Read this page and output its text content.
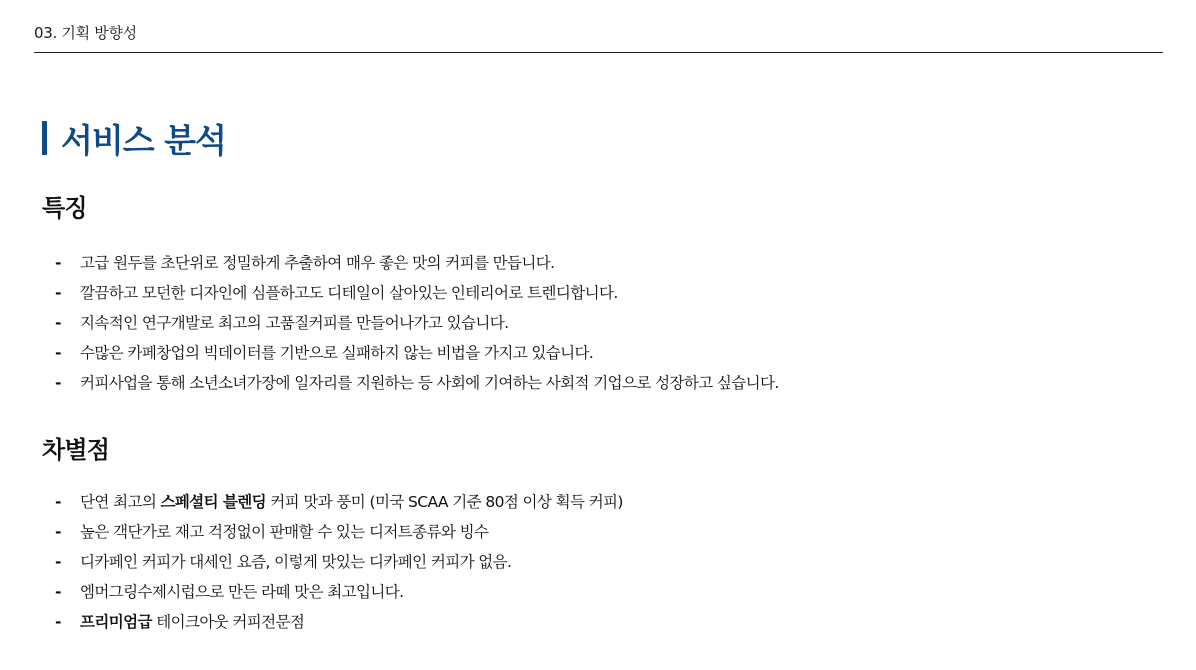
03. 기획 방향성
서비스 분석
특징
-	고급 원두를 초단위로 정밀하게 추출하여 매우 좋은 맛의 커피를 만듭니다.
-	깔끔하고 모던한 디자인에 심플하고도 디테일이 살아있는 인테리어로 트렌디합니다.
-	지속적인 연구개발로 최고의 고품질커피를 만들어나가고 있습니다.
-	수많은 카페창업의 빅데이터를 기반으로 실패하지 않는 비법을 가지고 있습니다.
-	커피사업을 통해 소년소녀가장에 일자리를 지원하는 등 사회에 기여하는 사회적 기업으로 성장하고 싶습니다.
차별점
-	단연 최고의 스페셜티 블렌딩 커피 맛과 풍미 (미국 SCAA 기준 80점 이상 획득 커피)
-	높은 객단가로 재고 걱정없이 판매할 수 있는 디저트종류와 빙수
-	디카페인 커피가 대세인 요즘, 이렇게 맛있는 디카페인 커피가 없음.
-	엠머그링수제시럽으로 만든 라떼 맛은 최고입니다.
-	프리미엄급 테이크아웃 커피전문점
